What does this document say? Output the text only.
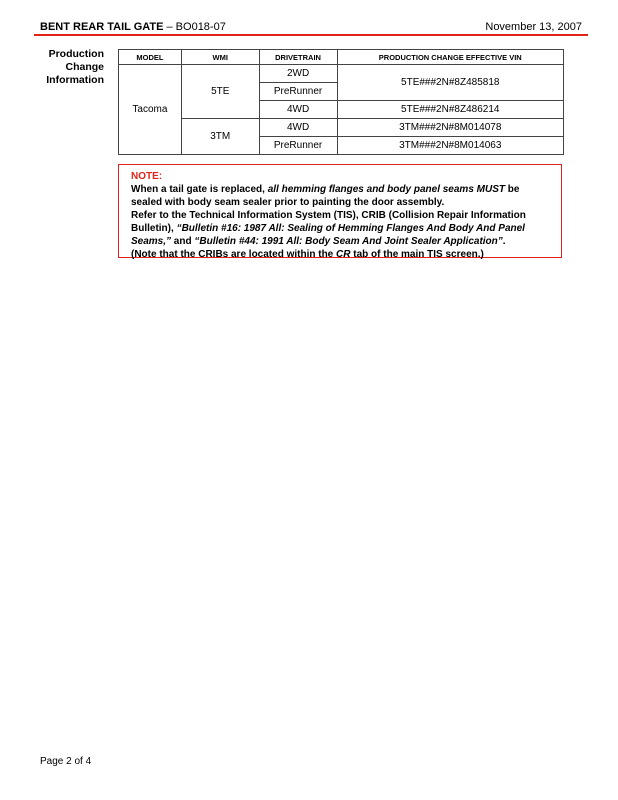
BENT REAR TAIL GATE – BO018-07	November 13, 2007
Production
Change
Information
MODEL	WMI	DRIVETRAIN	PRODUCTION CHANGE EFFECTIVE VIN
Tacoma	5TE	2WD	5TE###2N#8Z485818
		PreRunner	
		4WD	5TE###2N#8Z486214
	3TM	4WD	3TM###2N#8M014078
		PreRunner	3TM###2N#8M014063
NOTE:
When a tail gate is replaced, all hemming flanges and body panel seams MUST be sealed with body seam sealer prior to painting the door assembly.
Refer to the Technical Information System (TIS), CRIB (Collision Repair Information Bulletin), “Bulletin #16: 1987 All: Sealing of Hemming Flanges And Body And Panel Seams,” and “Bulletin #44: 1991 All: Body Seam And Joint Sealer Application”.
(Note that the CRIBs are located within the CR tab of the main TIS screen.)
Page 2 of 4
